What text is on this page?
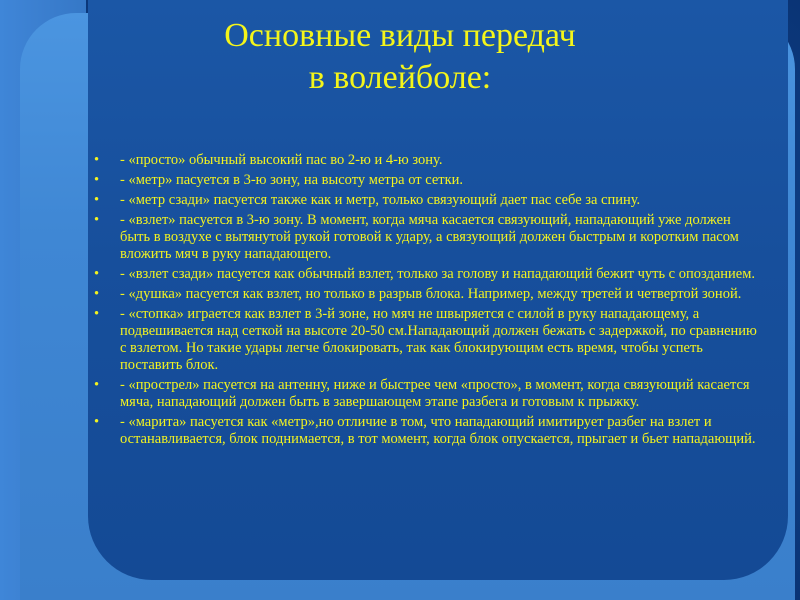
Основные виды передач
в волейболе:
• - «просто» обычный высокий пас во 2-ю и 4-ю зону.
• - «метр» пасуется в 3-ю зону, на высоту метра от сетки.
• - «метр сзади» пасуется также как и метр, только связующий дает пас себе за спину.
• - «взлет» пасуется в 3-ю зону. В момент, когда мяча касается связующий, нападающий уже должен быть в воздухе с вытянутой рукой готовой к удару, а связующий должен быстрым и коротким пасом вложить мяч в руку нападающего.
• - «взлет сзади» пасуется как обычный взлет, только за голову и нападающий бежит чуть с опозданием.
• - «душка» пасуется как взлет, но только в разрыв блока. Например, между третей и четвертой зоной.
• - «стопка» играется как взлет в 3-й зоне, но мяч не швыряется с силой в руку нападающему, а подвешивается над сеткой на высоте 20-50 см.Нападающий должен бежать с задержкой, по сравнению с взлетом. Но такие удары легче блокировать, так как блокирующим есть время, чтобы успеть поставить блок.
• - «прострел» пасуется на антенну, ниже и быстрее чем «просто», в момент, когда связующий касается мяча, нападающий должен быть в завершающем этапе разбега и готовым к прыжку.
• - «марита» пасуется как «метр»,но отличие в том, что нападающий имитирует разбег на взлет и останавливается, блок поднимается, в тот момент, когда блок опускается, прыгает и бьет нападающий.
